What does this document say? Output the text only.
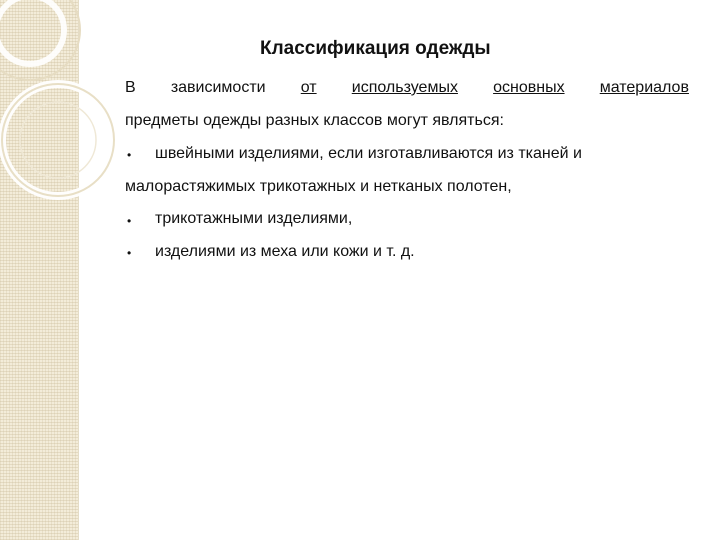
Классификация одежды
В зависимости от используемых основных материалов
предметы одежды разных классов могут являться:
• швейными изделиями, если изготавливаются из тканей и
малорастяжимых трикотажных и нетканых полотен,
• трикотажными изделиями,
• изделиями из меха или кожи и т. д.
